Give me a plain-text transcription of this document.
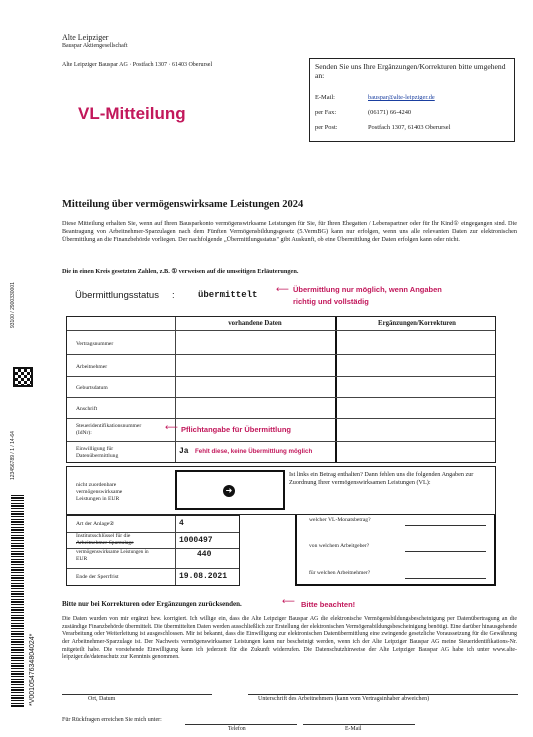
Alte Leipziger
Bauspar Aktiengesellschaft
Alte Leipziger Bauspar AG · Postfach 1307 · 61403 Oberursel	Senden Sie uns Ihre Ergänzungen/Korrekturen bitte umgehend an:
E-Mail:	bauspar@alte-leipziger.de
per Fax:	(06171) 66-4240
per Post:	Postfach 1307, 61403 Oberursel
VL-Mitteilung
Mitteilung über vermögenswirksame Leistungen 2024
Diese Mitteilung erhalten Sie, wenn auf Ihren Bausparkonto vermögenswirksame Leistungen für Sie, für Ihren Ehegatten / Lebenspartner oder für Ihr Kind① eingegangen sind. Die Beantragung von Arbeitnehmer-Sparzulagen nach dem Fünften Vermögensbildungsgesetz (5.VermBG) kann nur erfolgen, wenn uns alle relevanten Daten zur elektronischen Übermittlung an die Finanzbehörde vorliegen. Der nachfolgende „Übermittlungsstatus" gibt Auskunft, ob eine Übermittlung der Daten erfolgen kann oder nicht.
Die in einen Kreis gesetzten Zahlen, z.B. ① verweisen auf die umseitigen Erläuterungen.
Übermittlungsstatus :	übermittelt ⟵ Übermittlung nur möglich, wenn Angaben
richtig und vollstädig
vorhandene Daten	Ergänzungen/Korrekturen
Vertragsnummer
Arbeitnehmer
Geburtsdatum
Anschrift
Steueridentifikationsnummer
(IdNr):	⟵ Pflichtangabe für Übermittlung
Einwilligung für
Datenübermittlung	Ja Fehlt diese, keine Übermittlung möglich
nicht zuordenbare
vermögenswirksame
Leistungen in EUR
➜
Ist links ein Betrag enthalten? Dann fehlen uns die folgenden Angaben zur Zuordnung Ihrer vermögenswirksamen Leistungen (VL):
Art der Anlage②	4
Institutsschlüssel für die
Arbeitnehmer-Sparzulage	1000497
vermögenswirksame Leistungen in
EUR	440
Ende der Sperrfrist	19.08.2021
welcher VL-Monatsbetrag?
von welchem Arbeitgeber?
für welchen Arbeitnehmer?
Bitte nur bei Korrekturen oder Ergänzungen zurücksenden.	⟵ Bitte beachten!
Die Daten wurden von mir ergänzt bzw. korrigiert. Ich willige ein, dass die Alte Leipziger Bauspar AG die elektronische Vermögensbildungsbescheinigung per Datenübertragung an die zuständige Finanzbehörde übermittelt. Die übermittelten Daten werden ausschließlich zur Erstellung der elektronischen Vermögensbildungsbescheinigung benötigt. Eine darüber hinausgehende Verarbeitung oder Weiterleitung ist ausgeschlossen. Mir ist bekannt, dass die Einwilligung zur elektronischen Datenübermittlung eine zwingende gesetzliche Voraussetzung für die Gewährung der Arbeitnehmer-Sparzulage ist. Der Nachweis vermögenswirksamer Leistungen kann nur bescheinigt werden, wenn ich der Alte Leipziger Bauspar AG meine Steueridentifikations-Nr. mitgeteilt habe. Die vorstehende Einwilligung kann ich jederzeit für die Zukunft widerrufen. Die Datenschutzhinweise der Alte Leipziger Bauspar AG habe ich unter www.alte-leipziger.de/datenschutz zur Kenntnis genommen.
Ort, Datum	Unterschrift des Arbeitnehmers (kann vom Vertragsinhaber abweichen)
Für Rückfragen erreichen Sie mich unter:
Telefon	E-Mail
93100 / 2900330001
123456789 / 1 / 14-64
*V0010547634804024*
